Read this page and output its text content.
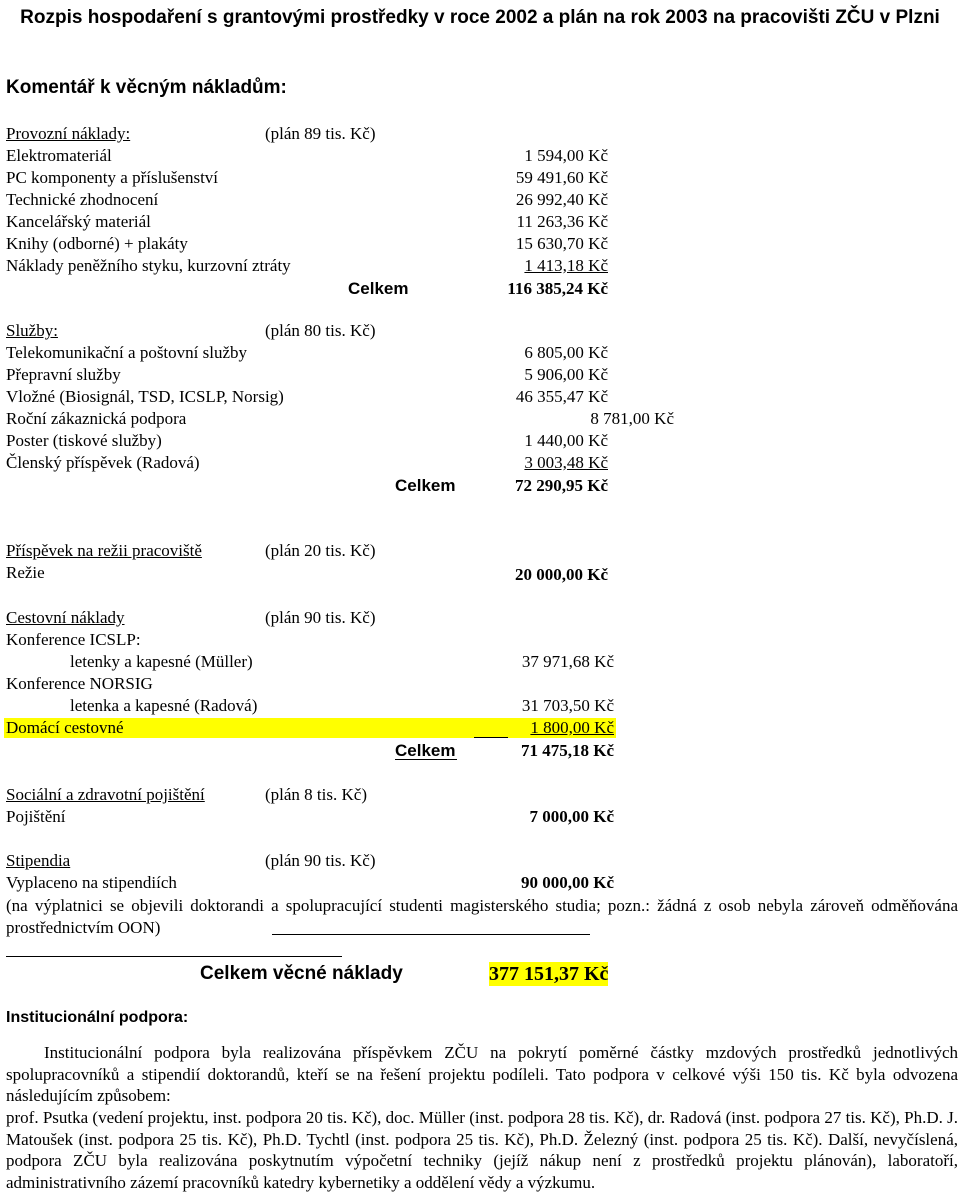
Rozpis hospodaření s grantovými prostředky v roce 2002 a plán na rok 2003 na pracovišti ZČU v Plzni
Komentář k věcným nákladům:
Provozní náklady:	(plán 89 tis. Kč)
Elektromateriál	1 594,00 Kč
PC komponenty a příslušenství	59 491,60 Kč
Technické zhodnocení	26 992,40 Kč
Kancelářský materiál	11 263,36 Kč
Knihy (odborné) + plakáty	15 630,70 Kč
Náklady peněžního styku, kurzovní ztráty	1 413,18 Kč
Celkem	116 385,24 Kč
Služby:	(plán 80 tis. Kč)
Telekomunikační a poštovní služby	6 805,00 Kč
Přepravní služby	5 906,00 Kč
Vložné (Biosignál, TSD, ICSLP, Norsig)	46 355,47 Kč
Roční zákaznická podpora	8 781,00 Kč
Poster (tiskové služby)	1 440,00 Kč
Členský příspěvek (Radová)	3 003,48 Kč
Celkem	72 290,95 Kč
Příspěvek na režii pracoviště	(plán 20 tis. Kč)
Režie	20 000,00 Kč
Cestovní náklady	(plán 90 tis. Kč)
Konference ICSLP:
letenky a kapesné (Müller)	37 971,68 Kč
Konference NORSIG
letenka a kapesné (Radová)	31 703,50 Kč
Domácí cestovné	1 800,00 Kč
Celkem	71 475,18 Kč
Sociální a zdravotní pojištění	(plán 8 tis. Kč)
Pojištění	7 000,00 Kč
Stipendia	(plán 90 tis. Kč)
Vyplaceno na stipendiích	90 000,00 Kč
(na výplatnici se objevili doktorandi a spolupracující studenti magisterského studia; pozn.: žádná z osob nebyla zároveň odměňována prostřednictvím OON)
Celkem věcné náklady	377 151,37 Kč
Institucionální podpora:
Institucionální podpora byla realizována příspěvkem ZČU na pokrytí poměrné částky mzdových prostředků jednotlivých spolupracovníků a stipendií doktorandů, kteří se na řešení projektu podíleli. Tato podpora v celkové výši 150 tis. Kč byla odvozena následujícím způsobem:
prof. Psutka (vedení projektu, inst. podpora 20 tis. Kč), doc. Müller (inst. podpora 28 tis. Kč), dr. Radová (inst. podpora 27 tis. Kč), Ph.D. J. Matoušek (inst. podpora 25 tis. Kč), Ph.D. Tychtl (inst. podpora 25 tis. Kč), Ph.D. Železný (inst. podpora 25 tis. Kč). Další, nevyčíslená, podpora ZČU byla realizována poskytnutím výpočetní techniky (jejíž nákup není z prostředků projektu plánován), laboratoří, administrativního zázemí pracovníků katedry kybernetiky a oddělení vědy a výzkumu.
